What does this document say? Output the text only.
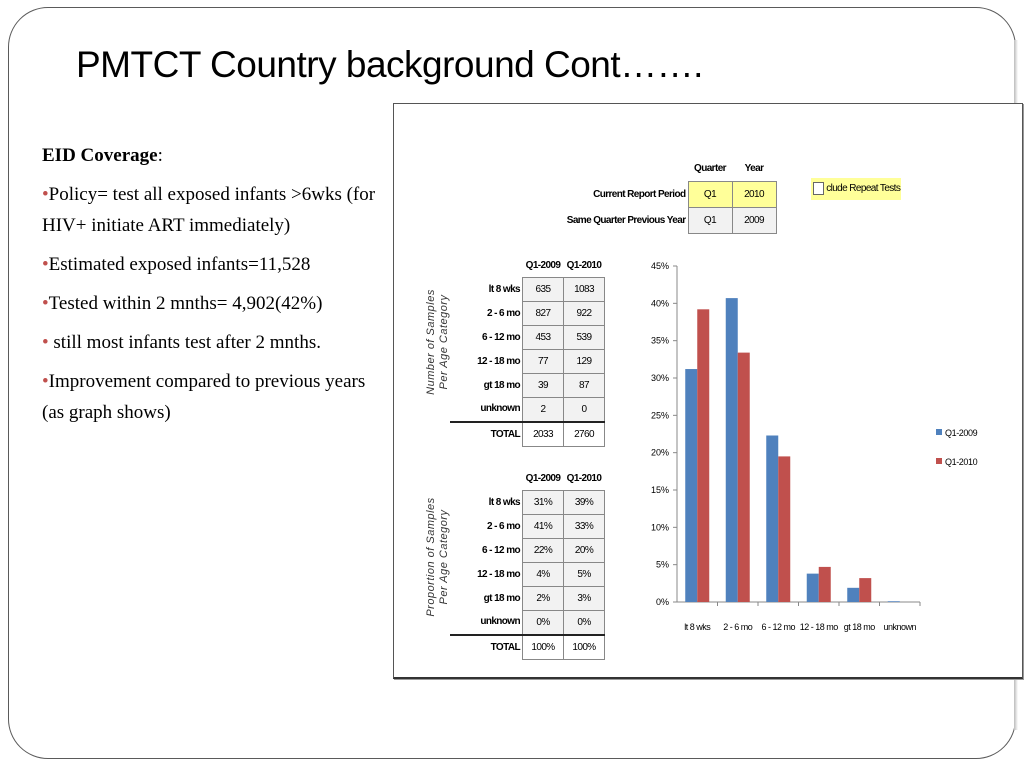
PMTCT Country background Cont…….

EID Coverage:

•Policy= test all exposed infants >6wks (for HIV+ initiate ART immediately)

•Estimated exposed infants=11,528

•Tested within 2 mnths= 4,902(42%)

• still most infants test after 2 mnths.

•Improvement compared to previous years (as graph shows)

	Quarter	Year
Current Report Period	Q1	2010
Same Quarter Previous Year	Q1	2009
clude Repeat Tests
Number of Samples Per Age Category
	Q1-2009	Q1-2010
lt 8 wks	635	1083
2 - 6 mo	827	922
6 - 12 mo	453	539
12 - 18 mo	77	129
gt 18 mo	39	87
unknown	2	0
TOTAL	2033	2760
Proportion of Samples Per Age Category
	Q1-2009	Q1-2010
lt 8 wks	31%	39%
2 - 6 mo	41%	33%
6 - 12 mo	22%	20%
12 - 18 mo	4%	5%
gt 18 mo	2%	3%
unknown	0%	0%
TOTAL	100%	100%
0%
5%
10%
15%
20%
25%
30%
35%
40%
45%
lt 8 wks 2 - 6 mo 6 - 12 mo 12 - 18 mo gt 18 mo unknown
Q1-2009
Q1-2010
